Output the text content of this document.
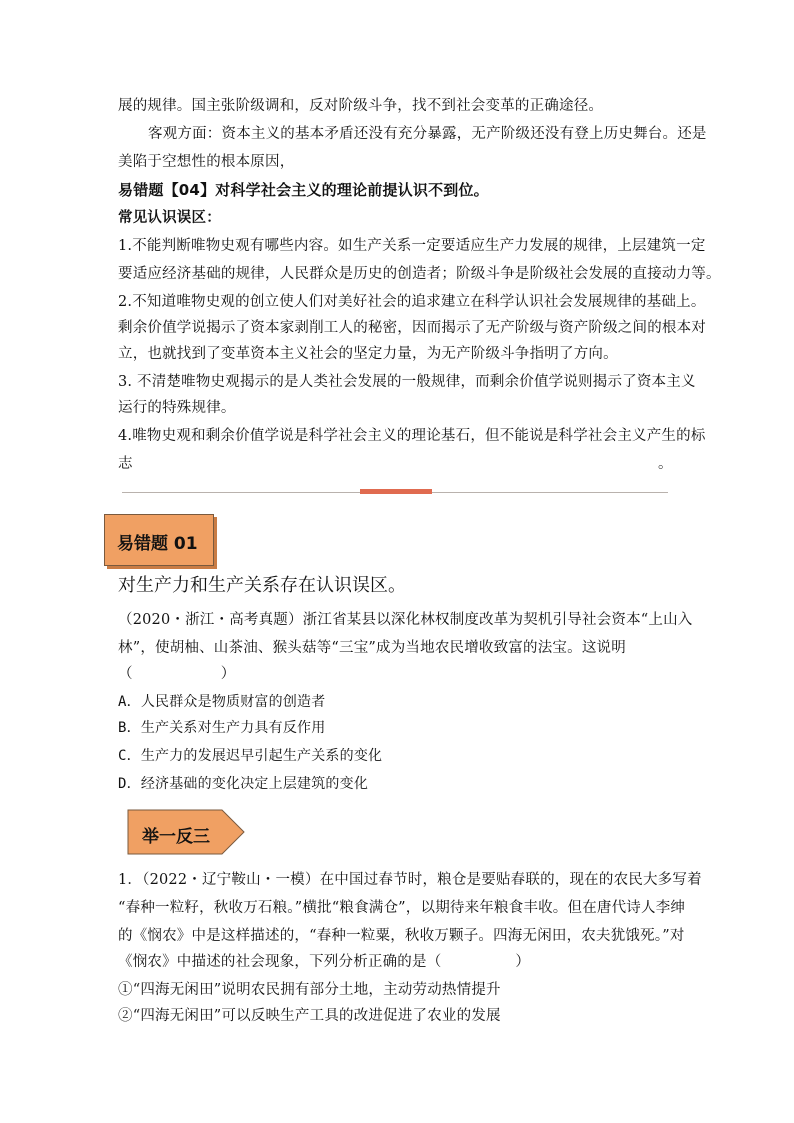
展的规律。国主张阶级调和，反对阶级斗争，找不到社会变革的正确途径。
客观方面：资本主义的基本矛盾还没有充分暴露，无产阶级还没有登上历史舞台。还是
美陷于空想性的根本原因，
易错题【04】对科学社会主义的理论前提认识不到位。
常见认识误区：
1.不能判断唯物史观有哪些内容。如生产关系一定要适应生产力发展的规律，上层建筑一定
要适应经济基础的规律，人民群众是历史的创造者；阶级斗争是阶级社会发展的直接动力等。
2.不知道唯物史观的创立使人们对美好社会的追求建立在科学认识社会发展规律的基础上。
剩余价值学说揭示了资本家剥削工人的秘密，因而揭示了无产阶级与资产阶级之间的根本对
立，也就找到了变革资本主义社会的坚定力量，为无产阶级斗争指明了方向。
3. 不清楚唯物史观揭示的是人类社会发展的一般规律，而剩余价值学说则揭示了资本主义
运行的特殊规律。
4.唯物史观和剩余价值学说是科学社会主义的理论基石，但不能说是科学社会主义产生的标
志	。
易错题 01
对生产力和生产关系存在认识误区。
（2020・浙江・高考真题）浙江省某县以深化林权制度改革为契机引导社会资本“上山入
林”，使胡柚、山茶油、猴头菇等“三宝”成为当地农民增收致富的法宝。这说明
（	）
A．人民群众是物质财富的创造者
B．生产关系对生产力具有反作用
C．生产力的发展迟早引起生产关系的变化
D．经济基础的变化决定上层建筑的变化
举一反三
1．（2022・辽宁鞍山・一模）在中国过春节时，粮仓是要贴春联的，现在的农民大多写着
“春种一粒籽，秋收万石粮。”横批“粮食满仓”，以期待来年粮食丰收。但在唐代诗人李绅
的《悯农》中是这样描述的，“春种一粒粟，秋收万颗子。四海无闲田，农夫犹饿死。”对
《悯农》中描述的社会现象，下列分析正确的是（	）
①“四海无闲田”说明农民拥有部分土地，主动劳动热情提升
②“四海无闲田”可以反映生产工具的改进促进了农业的发展
